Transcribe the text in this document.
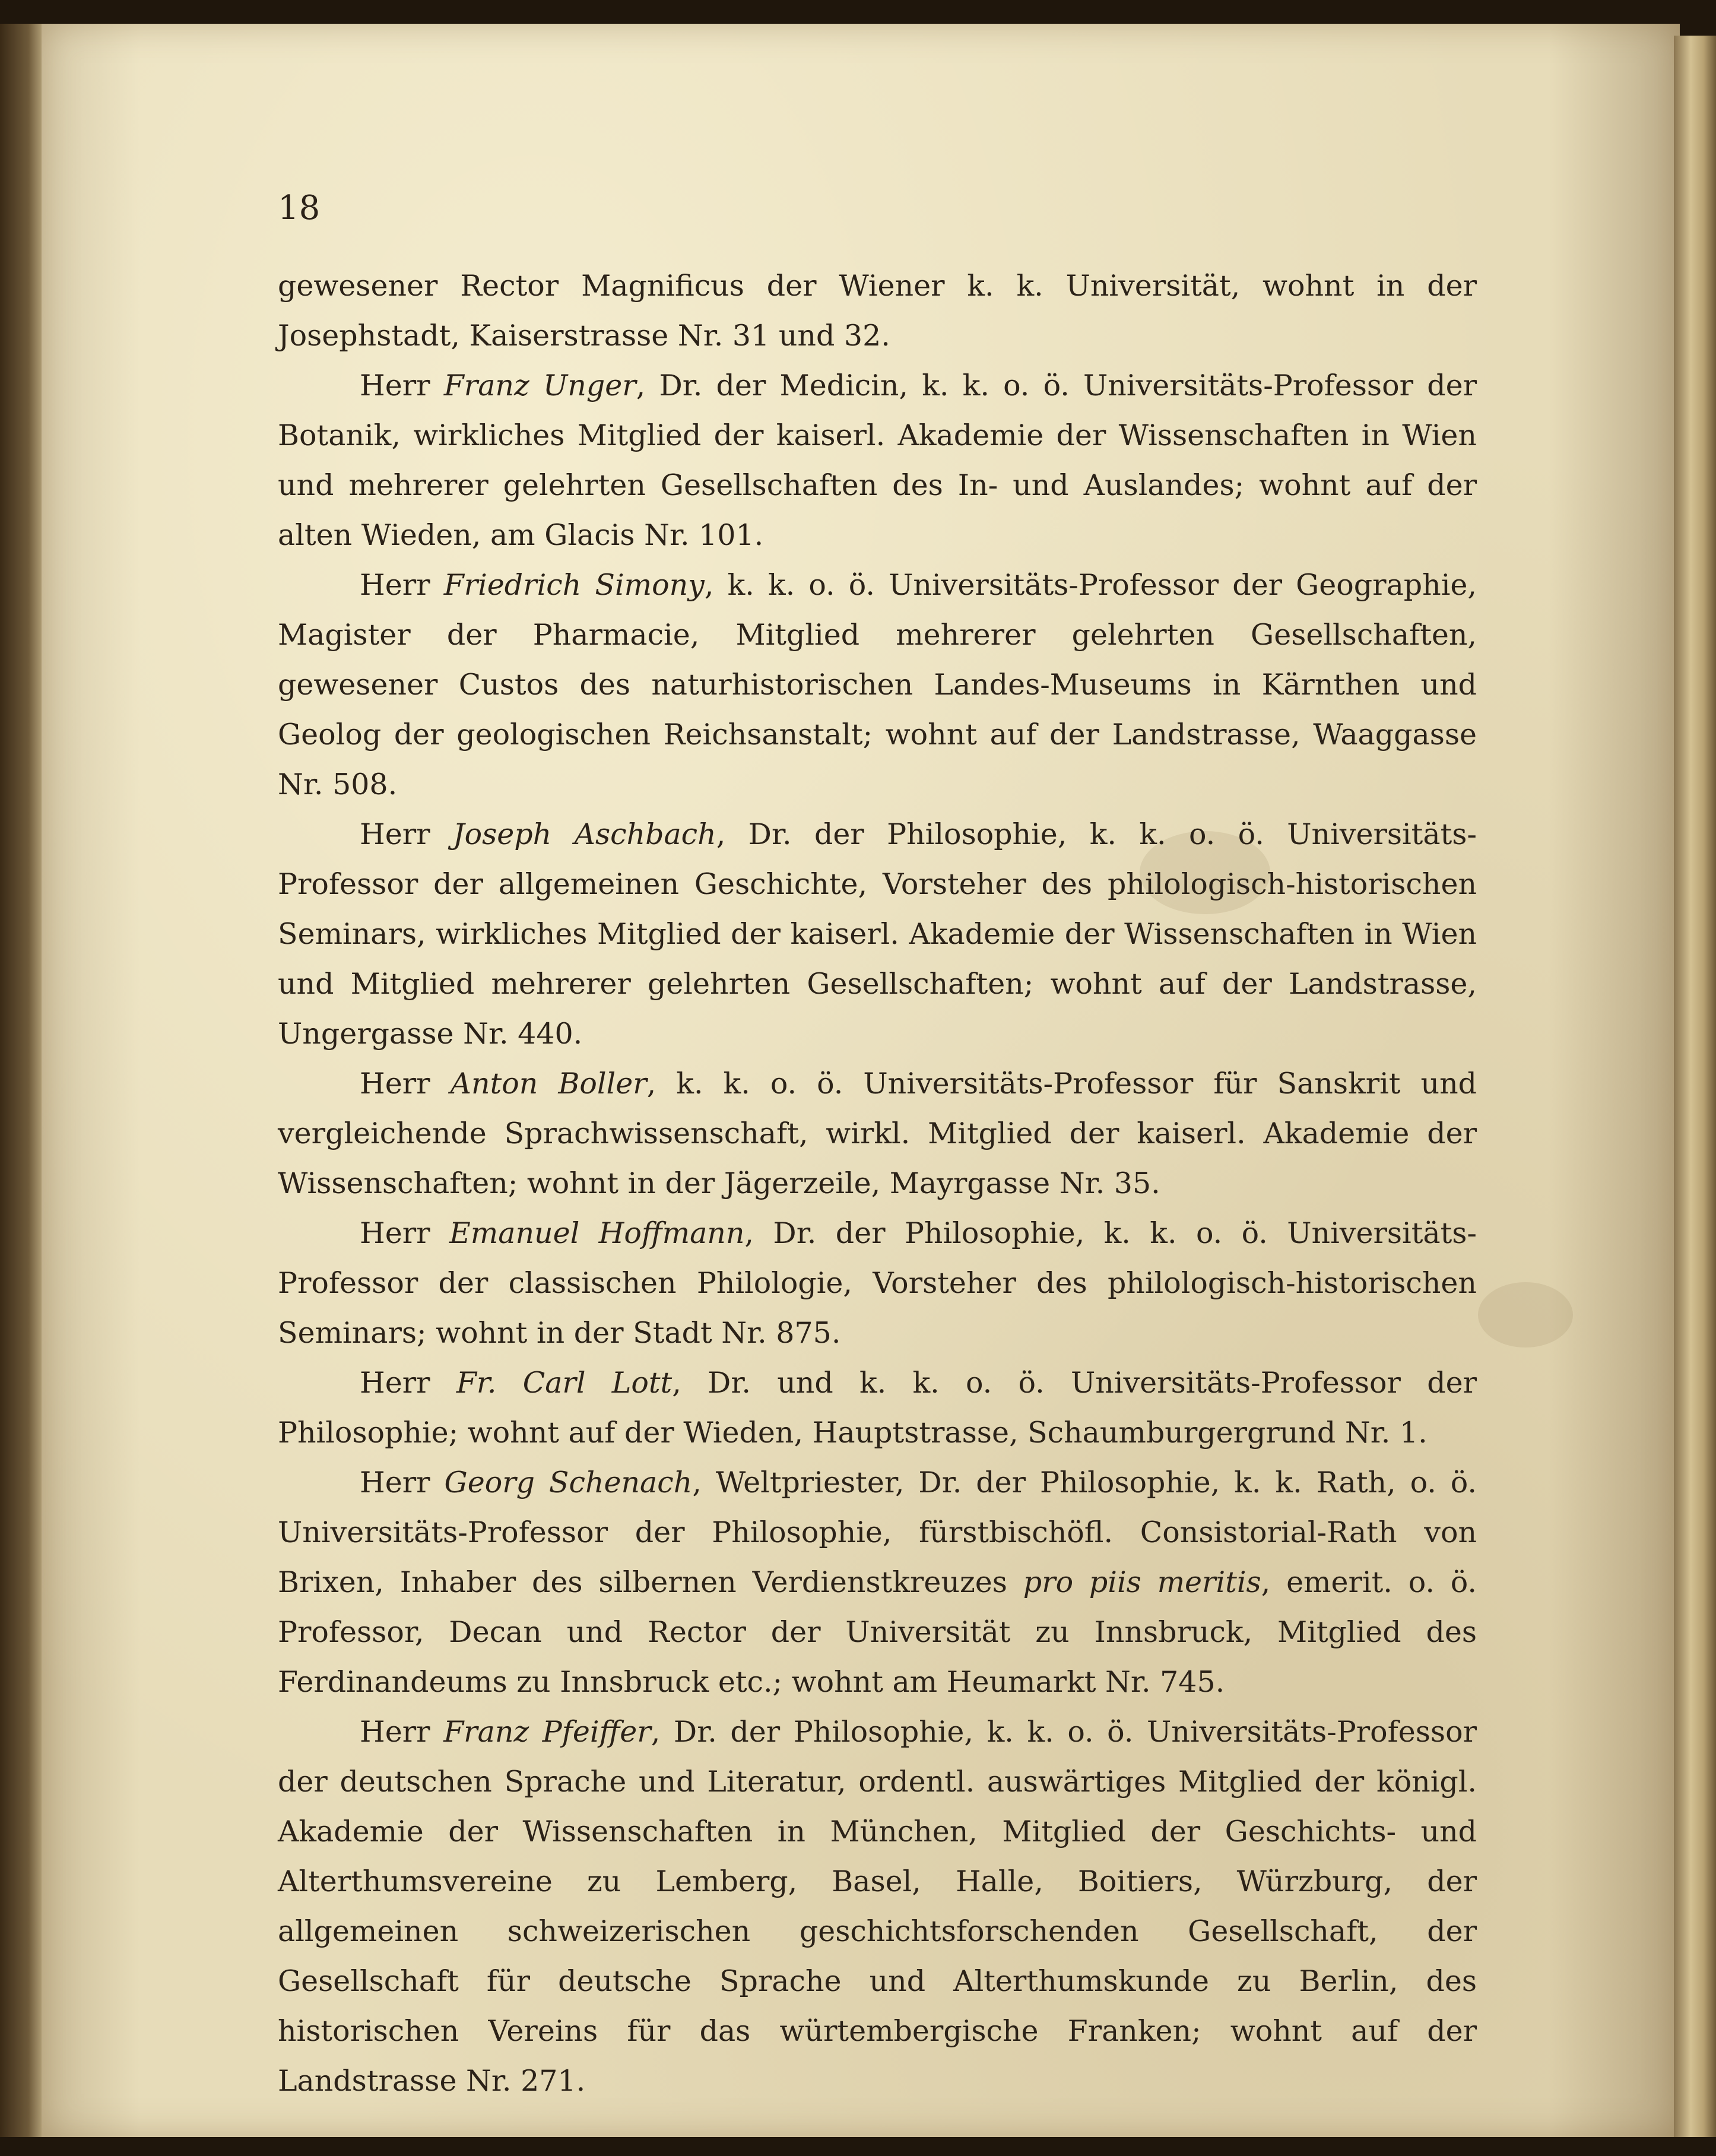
18

gewesener Rector Magnificus der Wiener k. k. Universität, wohnt in der Josephstadt, Kaiserstrasse Nr. 31 und 32.

Herr Franz Unger, Dr. der Medicin, k. k. o. ö. Universitäts-Professor der Botanik, wirkliches Mitglied der kaiserl. Akademie der Wissenschaften in Wien und mehrerer gelehrten Gesellschaften des In- und Auslandes; wohnt auf der alten Wieden, am Glacis Nr. 101.

Herr Friedrich Simony, k. k. o. ö. Universitäts-Professor der Geographie, Magister der Pharmacie, Mitglied mehrerer gelehrten Gesellschaften, gewesener Custos des naturhistorischen Landes-Museums in Kärnthen und Geolog der geologischen Reichsanstalt; wohnt auf der Landstrasse, Waaggasse Nr. 508.

Herr Joseph Aschbach, Dr. der Philosophie, k. k. o. ö. Universitäts-Professor der allgemeinen Geschichte, Vorsteher des philologisch-historischen Seminars, wirkliches Mitglied der kaiserl. Akademie der Wissenschaften in Wien und Mitglied mehrerer gelehrten Gesellschaften; wohnt auf der Landstrasse, Ungergasse Nr. 440.

Herr Anton Boller, k. k. o. ö. Universitäts-Professor für Sanskrit und vergleichende Sprachwissenschaft, wirkl. Mitglied der kaiserl. Akademie der Wissenschaften; wohnt in der Jägerzeile, Mayrgasse Nr. 35.

Herr Emanuel Hoffmann, Dr. der Philosophie, k. k. o. ö. Universitäts-Professor der classischen Philologie, Vorsteher des philologisch-historischen Seminars; wohnt in der Stadt Nr. 875.

Herr Fr. Carl Lott, Dr. und k. k. o. ö. Universitäts-Professor der Philosophie; wohnt auf der Wieden, Hauptstrasse, Schaumburgergrund Nr. 1.

Herr Georg Schenach, Weltpriester, Dr. der Philosophie, k. k. Rath, o. ö. Universitäts-Professor der Philosophie, fürstbischöfl. Consistorial-Rath von Brixen, Inhaber des silbernen Verdienstkreuzes pro piis meritis, emerit. o. ö. Professor, Decan und Rector der Universität zu Innsbruck, Mitglied des Ferdinandeums zu Innsbruck etc.; wohnt am Heumarkt Nr. 745.

Herr Franz Pfeiffer, Dr. der Philosophie, k. k. o. ö. Universitäts-Professor der deutschen Sprache und Literatur, ordentl. auswärtiges Mitglied der königl. Akademie der Wissenschaften in München, Mitglied der Geschichts- und Alterthumsvereine zu Lemberg, Basel, Halle, Boitiers, Würzburg, der allgemeinen schweizerischen geschichtsforschenden Gesellschaft, der Gesellschaft für deutsche Sprache und Alterthumskunde zu Berlin, des historischen Vereins für das würtembergische Franken; wohnt auf der Landstrasse Nr. 271.
